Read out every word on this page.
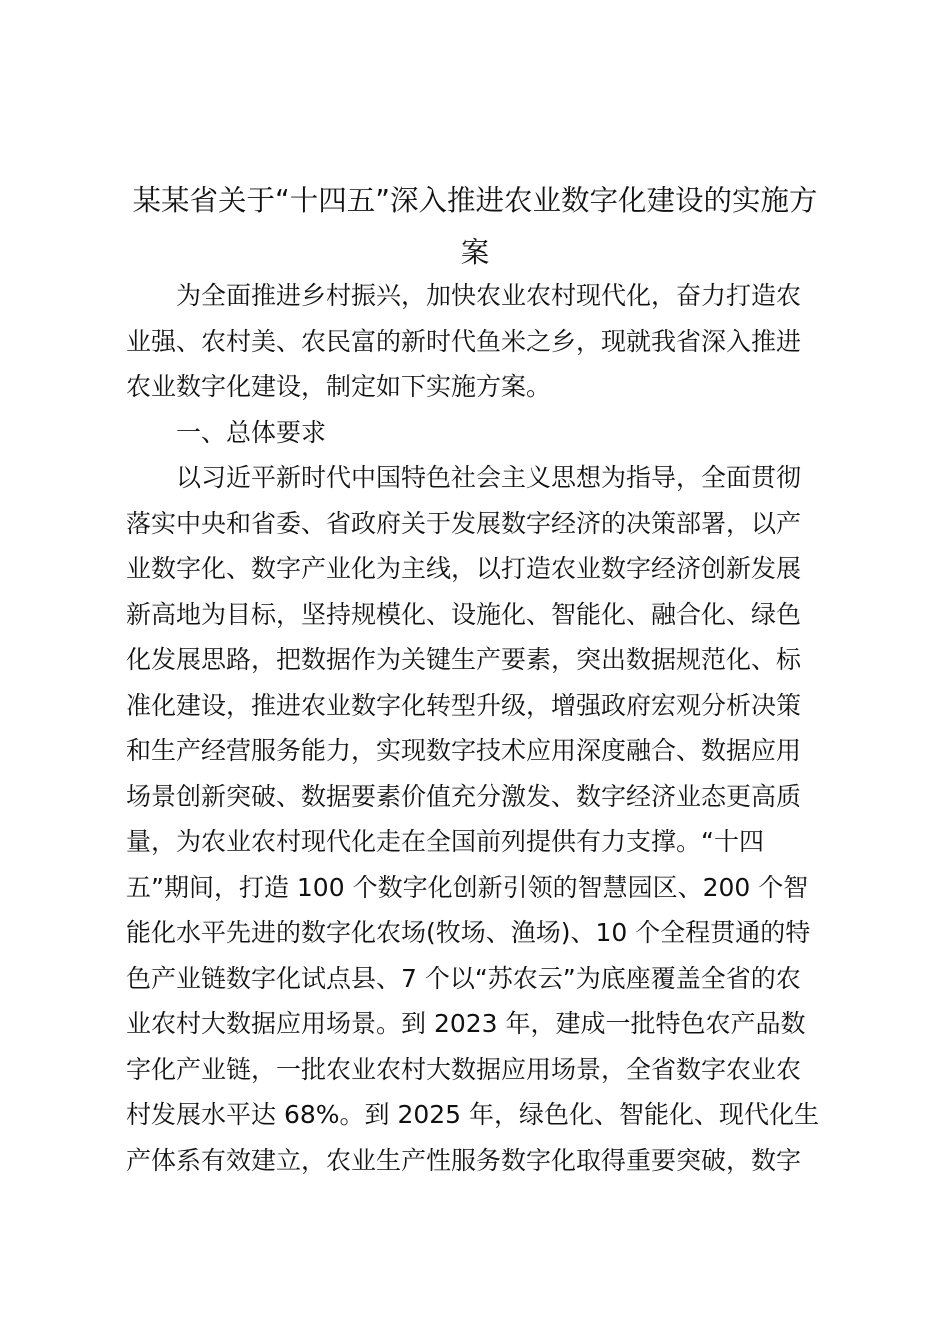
某某省关于“十四五”深入推进农业数字化建设的实施方
案
为全面推进乡村振兴，加快农业农村现代化，奋力打造农
业强、农村美、农民富的新时代鱼米之乡，现就我省深入推进
农业数字化建设，制定如下实施方案。
一、总体要求
以习近平新时代中国特色社会主义思想为指导，全面贯彻
落实中央和省委、省政府关于发展数字经济的决策部署，以产
业数字化、数字产业化为主线，以打造农业数字经济创新发展
新高地为目标，坚持规模化、设施化、智能化、融合化、绿色
化发展思路，把数据作为关键生产要素，突出数据规范化、标
准化建设，推进农业数字化转型升级，增强政府宏观分析决策
和生产经营服务能力，实现数字技术应用深度融合、数据应用
场景创新突破、数据要素价值充分激发、数字经济业态更高质
量，为农业农村现代化走在全国前列提供有力支撑。“十四
五”期间，打造 100 个数字化创新引领的智慧园区、200 个智
能化水平先进的数字化农场(牧场、渔场)、10 个全程贯通的特
色产业链数字化试点县、7 个以“苏农云”为底座覆盖全省的农
业农村大数据应用场景。到 2023 年，建成一批特色农产品数
字化产业链，一批农业农村大数据应用场景，全省数字农业农
村发展水平达 68%。到 2025 年，绿色化、智能化、现代化生
产体系有效建立，农业生产性服务数字化取得重要突破，数字
